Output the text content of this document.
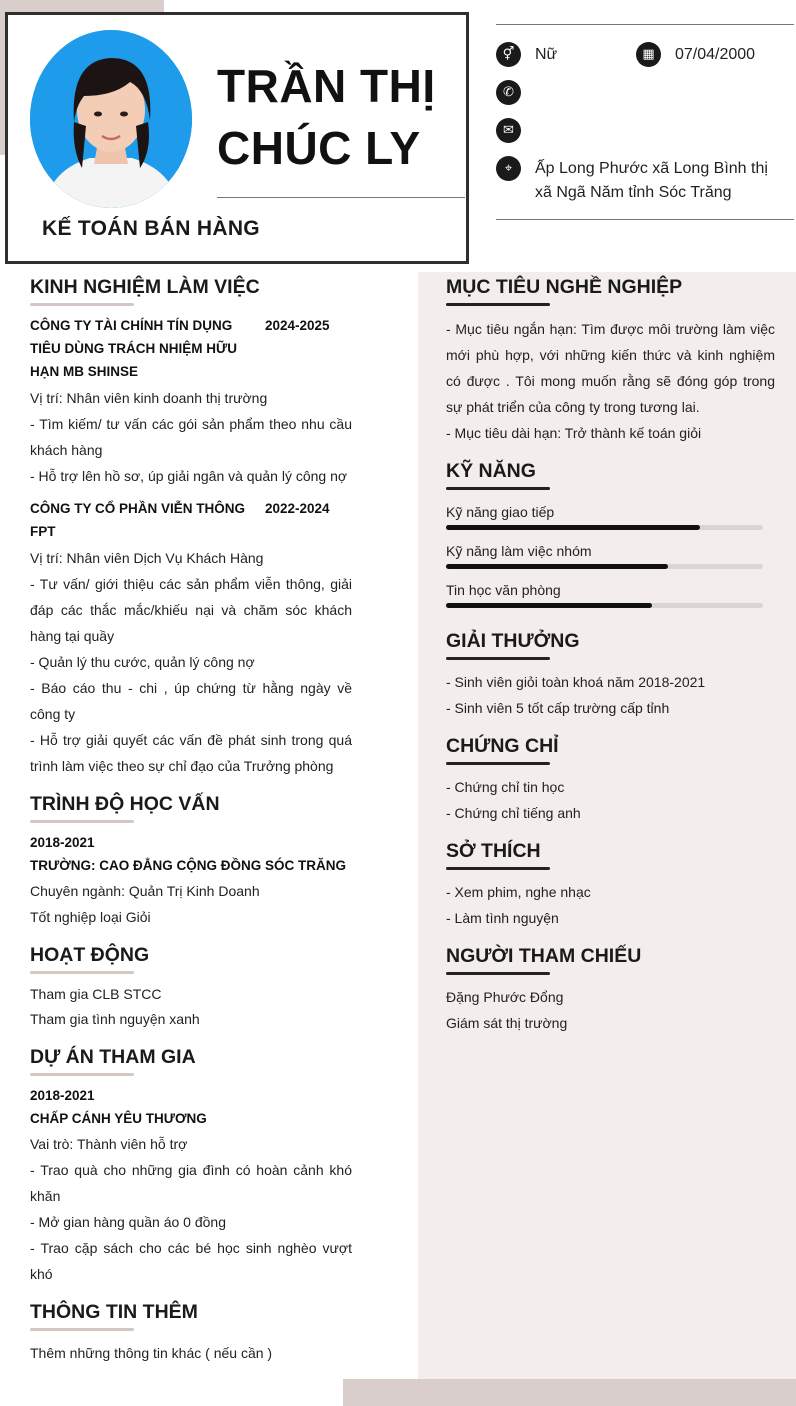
TRẦN THỊ
CHÚC LY
KẾ TOÁN BÁN HÀNG
⚥	Nữ	▦	07/04/2000
✆
✉
⌖	Ấp Long Phước xã Long Bình thị xã Ngã Năm tỉnh Sóc Trăng
KINH NGHIỆM LÀM VIỆC
CÔNG TY TÀI CHÍNH TÍN DỤNG TIÊU DÙNG TRÁCH NHIỆM HỮU HẠN MB SHINSE
2024-2025
Vị trí: Nhân viên kinh doanh thị trường
- Tìm kiếm/ tư vấn các gói sản phẩm theo nhu cầu khách hàng
- Hỗ trợ lên hồ sơ, úp giải ngân và quản lý công nợ
CÔNG TY CỔ PHẦN VIỄN THÔNG FPT
2022-2024
Vị trí: Nhân viên Dịch Vụ Khách Hàng
- Tư vấn/ giới thiệu các sản phẩm viễn thông, giải đáp các thắc mắc/khiếu nại và chăm sóc khách hàng tại quầy
- Quản lý thu cước, quản lý công nợ
- Báo cáo thu - chi , úp chứng từ hằng ngày về công ty
- Hỗ trợ giải quyết các vấn đề phát sinh trong quá trình làm việc theo sự chỉ đạo của Trưởng phòng
TRÌNH ĐỘ HỌC VẤN
2018-2021
TRƯỜNG: CAO ĐẲNG CỘNG ĐỒNG SÓC TRĂNG
Chuyên ngành: Quản Trị Kinh Doanh
Tốt nghiệp loại Giỏi
HOẠT ĐỘNG
Tham gia CLB STCC
Tham gia tình nguyện xanh
DỰ ÁN THAM GIA
2018-2021
CHẤP CÁNH YÊU THƯƠNG
Vai trò: Thành viên hỗ trợ
- Trao quà cho những gia đình có hoàn cảnh khó khăn
- Mở gian hàng quần áo 0 đồng
- Trao cặp sách cho các bé học sinh nghèo vượt khó
THÔNG TIN THÊM
Thêm những thông tin khác ( nếu cần )
MỤC TIÊU NGHỀ NGHIỆP
- Mục tiêu ngắn hạn: Tìm được môi trường làm việc mới phù hợp, với những kiến thức và kinh nghiệm có được . Tôi mong muốn rằng sẽ đóng góp trong sự phát triển của công ty trong tương lai.
- Mục tiêu dài hạn: Trở thành kế toán giỏi
KỸ NĂNG
Kỹ năng giao tiếp
Kỹ năng làm việc nhóm
Tin học văn phòng
GIẢI THƯỞNG
- Sinh viên giỏi toàn khoá năm 2018-2021
- Sinh viên 5 tốt cấp trường cấp tỉnh
CHỨNG CHỈ
- Chứng chỉ tin học
- Chứng chỉ tiếng anh
SỞ THÍCH
- Xem phim, nghe nhạc
- Làm tình nguyện
NGƯỜI THAM CHIẾU
Đặng Phước Đổng
Giám sát thị trường
